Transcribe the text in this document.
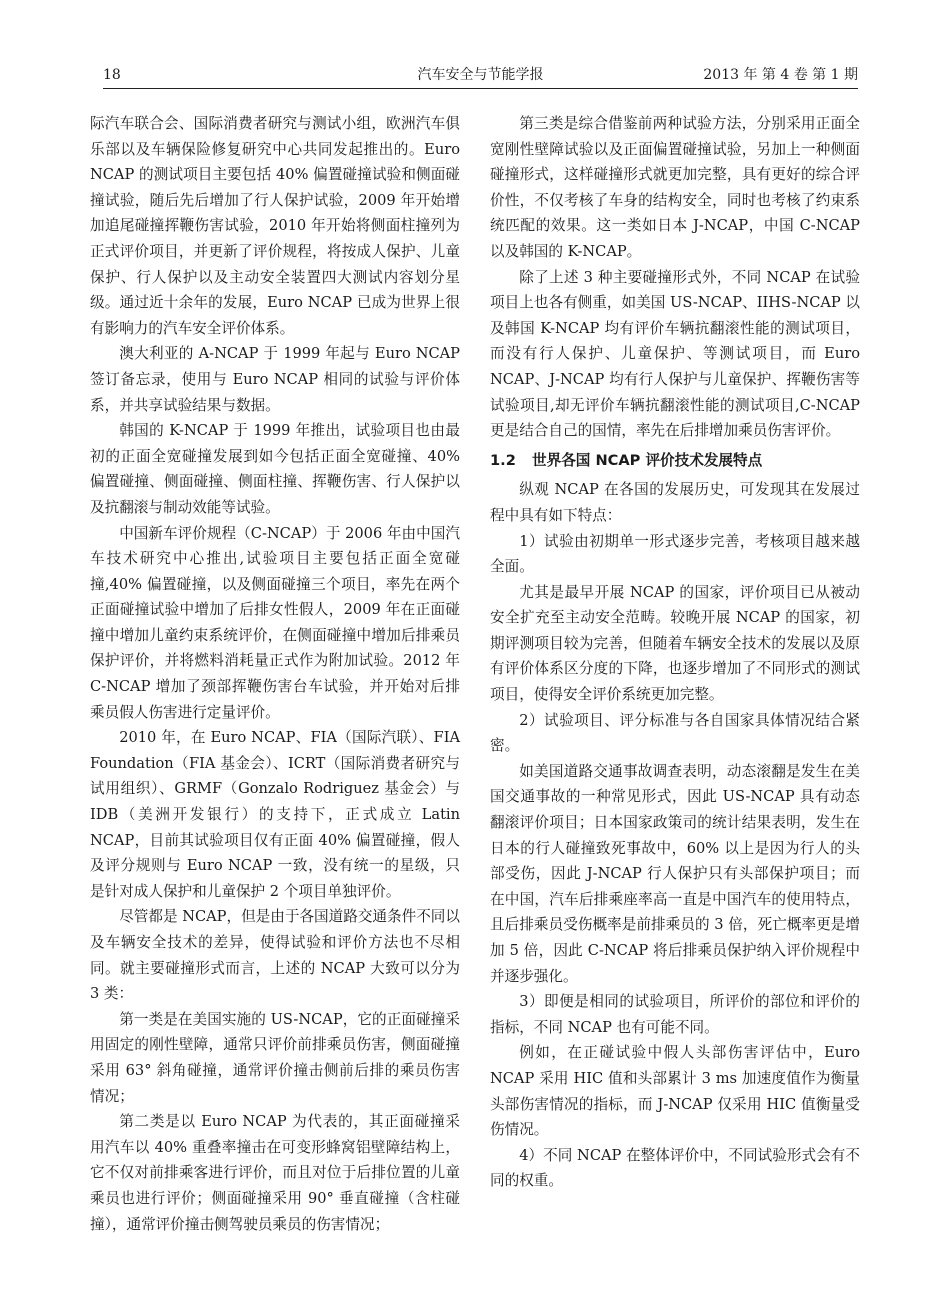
18	汽车安全与节能学报	2013 年 第 4 卷 第 1 期

际汽车联合会、国际消费者研究与测试小组，欧洲汽车俱乐部以及车辆保险修复研究中心共同发起推出的。Euro NCAP 的测试项目主要包括 40% 偏置碰撞试验和侧面碰撞试验，随后先后增加了行人保护试验，2009 年开始增加追尾碰撞挥鞭伤害试验，2010 年开始将侧面柱撞列为正式评价项目，并更新了评价规程，将按成人保护、儿童保护、行人保护以及主动安全装置四大测试内容划分星级。通过近十余年的发展，Euro NCAP 已成为世界上很有影响力的汽车安全评价体系。

澳大利亚的 A-NCAP 于 1999 年起与 Euro NCAP 签订备忘录，使用与 Euro NCAP 相同的试验与评价体系，并共享试验结果与数据。

韩国的 K-NCAP 于 1999 年推出，试验项目也由最初的正面全宽碰撞发展到如今包括正面全宽碰撞、40% 偏置碰撞、侧面碰撞、侧面柱撞、挥鞭伤害、行人保护以及抗翻滚与制动效能等试验。

中国新车评价规程（C-NCAP）于 2006 年由中国汽车技术研究中心推出,试验项目主要包括正面全宽碰撞,40% 偏置碰撞，以及侧面碰撞三个项目，率先在两个正面碰撞试验中增加了后排女性假人，2009 年在正面碰撞中增加儿童约束系统评价，在侧面碰撞中增加后排乘员保护评价，并将燃料消耗量正式作为附加试验。2012 年 C-NCAP 增加了颈部挥鞭伤害台车试验，并开始对后排乘员假人伤害进行定量评价。

2010 年，在 Euro NCAP、FIA（国际汽联）、FIA Foundation（FIA 基金会）、ICRT（国际消费者研究与试用组织）、GRMF（Gonzalo Rodriguez 基金会）与 IDB（美洲开发银行）的支持下，正式成立 Latin NCAP，目前其试验项目仅有正面 40% 偏置碰撞，假人及评分规则与 Euro NCAP 一致，没有统一的星级，只是针对成人保护和儿童保护 2 个项目单独评价。

尽管都是 NCAP，但是由于各国道路交通条件不同以及车辆安全技术的差异，使得试验和评价方法也不尽相同。就主要碰撞形式而言，上述的 NCAP 大致可以分为 3 类：

第一类是在美国实施的 US-NCAP，它的正面碰撞采用固定的刚性壁障，通常只评价前排乘员伤害，侧面碰撞采用 63° 斜角碰撞，通常评价撞击侧前后排的乘员伤害情况；

第二类是以 Euro NCAP 为代表的，其正面碰撞采用汽车以 40% 重叠率撞击在可变形蜂窝铝壁障结构上，它不仅对前排乘客进行评价，而且对位于后排位置的儿童乘员也进行评价；侧面碰撞采用 90° 垂直碰撞（含柱碰撞），通常评价撞击侧驾驶员乘员的伤害情况；

第三类是综合借鉴前两种试验方法，分别采用正面全宽刚性壁障试验以及正面偏置碰撞试验，另加上一种侧面碰撞形式，这样碰撞形式就更加完整，具有更好的综合评价性，不仅考核了车身的结构安全，同时也考核了约束系统匹配的效果。这一类如日本 J-NCAP，中国 C-NCAP 以及韩国的 K-NCAP。

除了上述 3 种主要碰撞形式外，不同 NCAP 在试验项目上也各有侧重，如美国 US-NCAP、IIHS-NCAP 以及韩国 K-NCAP 均有评价车辆抗翻滚性能的测试项目，而没有行人保护、儿童保护、等测试项目，而 Euro NCAP、J-NCAP 均有行人保护与儿童保护、挥鞭伤害等试验项目,却无评价车辆抗翻滚性能的测试项目,C-NCAP 更是结合自己的国情，率先在后排增加乘员伤害评价。

1.2 世界各国 NCAP 评价技术发展特点

纵观 NCAP 在各国的发展历史，可发现其在发展过程中具有如下特点：

1）试验由初期单一形式逐步完善，考核项目越来越全面。

尤其是最早开展 NCAP 的国家，评价项目已从被动安全扩充至主动安全范畴。较晚开展 NCAP 的国家，初期评测项目较为完善，但随着车辆安全技术的发展以及原有评价体系区分度的下降，也逐步增加了不同形式的测试项目，使得安全评价系统更加完整。

2）试验项目、评分标准与各自国家具体情况结合紧密。

如美国道路交通事故调查表明，动态滚翻是发生在美国交通事故的一种常见形式，因此 US-NCAP 具有动态翻滚评价项目；日本国家政策司的统计结果表明，发生在日本的行人碰撞致死事故中，60% 以上是因为行人的头部受伤，因此 J-NCAP 行人保护只有头部保护项目；而在中国，汽车后排乘座率高一直是中国汽车的使用特点，且后排乘员受伤概率是前排乘员的 3 倍，死亡概率更是增加 5 倍，因此 C-NCAP 将后排乘员保护纳入评价规程中并逐步强化。

3）即便是相同的试验项目，所评价的部位和评价的指标，不同 NCAP 也有可能不同。

例如，在正碰试验中假人头部伤害评估中，Euro NCAP 采用 HIC 值和头部累计 3 ms 加速度值作为衡量头部伤害情况的指标，而 J-NCAP 仅采用 HIC 值衡量受伤情况。

4）不同 NCAP 在整体评价中，不同试验形式会有不同的权重。
